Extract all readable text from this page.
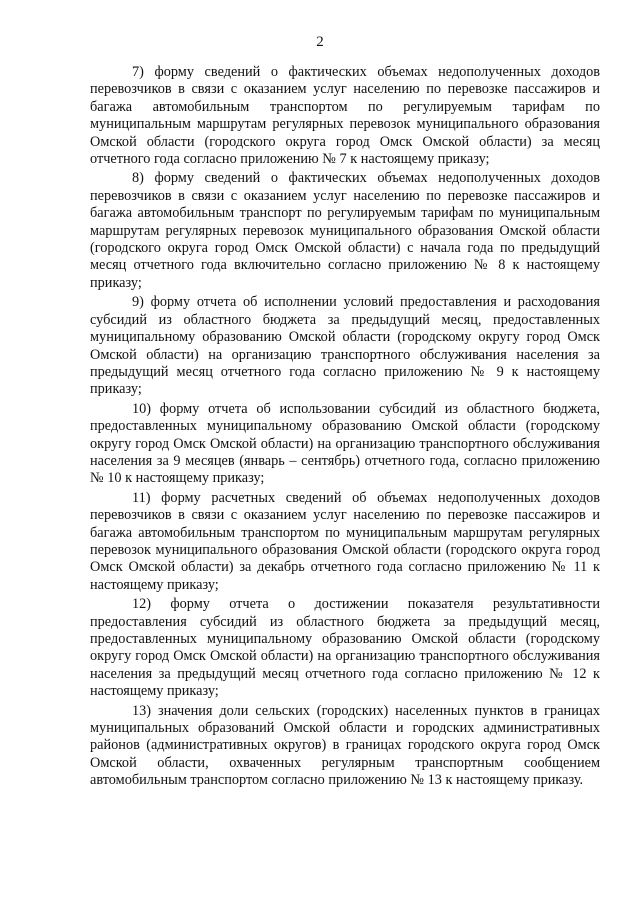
2

7) форму сведений о фактических объемах недополученных доходов перевозчиков в связи с оказанием услуг населению по перевозке пассажиров и багажа автомобильным транспортом по регулируемым тарифам по муниципальным маршрутам регулярных перевозок муниципального образования Омской области (городского округа город Омск Омской области) за месяц отчетного года согласно приложению № 7 к настоящему приказу;

8) форму сведений о фактических объемах недополученных доходов перевозчиков в связи с оказанием услуг населению по перевозке пассажиров и багажа автомобильным транспорт по регулируемым тарифам по муниципальным маршрутам регулярных перевозок муниципального образования Омской области (городского округа город Омск Омской области) с начала года по предыдущий месяц отчетного года включительно согласно приложению № 8 к настоящему приказу;

9) форму отчета об исполнении условий предоставления и расходования субсидий из областного бюджета за предыдущий месяц, предоставленных муниципальному образованию Омской области (городскому округу город Омск Омской области) на организацию транспортного обслуживания населения за предыдущий месяц отчетного года согласно приложению № 9 к настоящему приказу;

10) форму отчета об использовании субсидий из областного бюджета, предоставленных муниципальному образованию Омской области (городскому округу город Омск Омской области) на организацию транспортного обслуживания населения за 9 месяцев (январь – сентябрь) отчетного года, согласно приложению № 10 к настоящему приказу;

11) форму расчетных сведений об объемах недополученных доходов перевозчиков в связи с оказанием услуг населению по перевозке пассажиров и багажа автомобильным транспортом по муниципальным маршрутам регулярных перевозок муниципального образования Омской области (городского округа город Омск Омской области) за декабрь отчетного года согласно приложению № 11 к настоящему приказу;

12) форму отчета о достижении показателя результативности предоставления субсидий из областного бюджета за предыдущий месяц, предоставленных муниципальному образованию Омской области (городскому округу город Омск Омской области) на организацию транспортного обслуживания населения за предыдущий месяц отчетного года согласно приложению № 12 к настоящему приказу;

13) значения доли сельских (городских) населенных пунктов в границах муниципальных образований Омской области и городских административных районов (административных округов) в границах городского округа город Омск Омской области, охваченных регулярным транспортным сообщением автомобильным транспортом согласно приложению № 13 к настоящему приказу.
